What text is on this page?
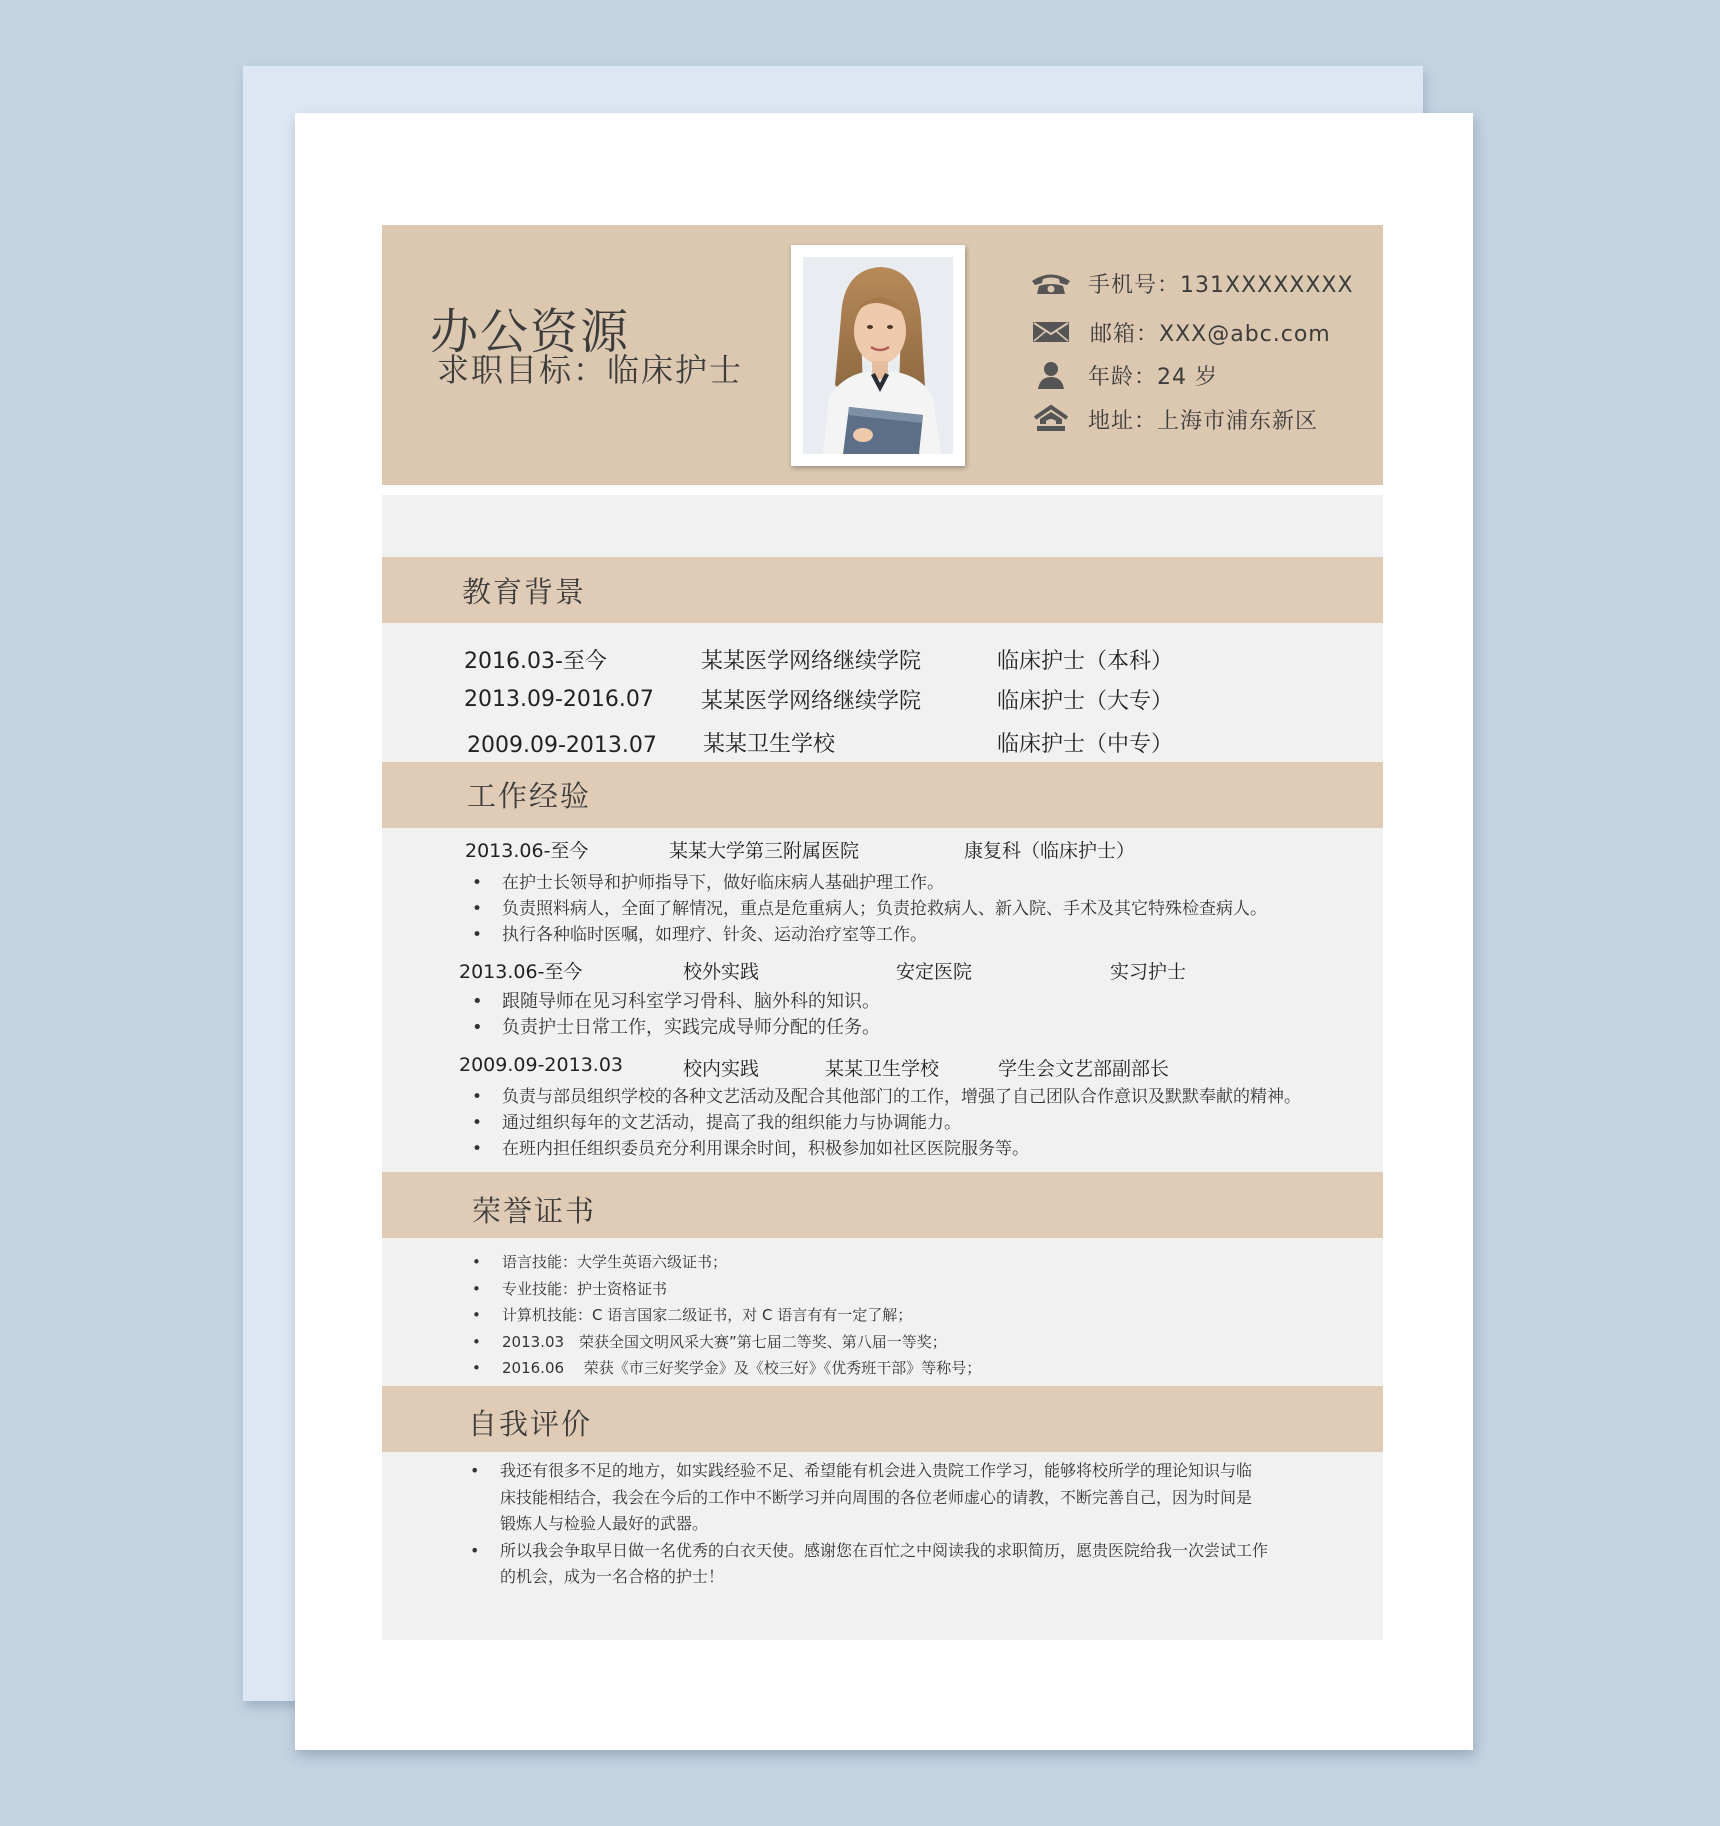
办公资源
求职目标：临床护士
手机号：131XXXXXXXX
邮箱：XXX@abc.com
年龄：24 岁
地址：上海市浦东新区
教育背景
2016.03-至今	某某医学网络继续学院	临床护士（本科）
2013.09-2016.07 某某医学网络继续学院	临床护士（大专）
2009.09-2013.07 某某卫生学校	临床护士（中专）
工作经验
2013.06-至今	某某大学第三附属医院	康复科（临床护士）
• 在护士长领导和护师指导下，做好临床病人基础护理工作。
• 负责照料病人，全面了解情况，重点是危重病人；负责抢救病人、新入院、手术及其它特殊检查病人。
• 执行各种临时医嘱，如理疗、针灸、运动治疗室等工作。
2013.06-至今	校外实践	安定医院	实习护士
• 跟随导师在见习科室学习骨科、脑外科的知识。
• 负责护士日常工作，实践完成导师分配的任务。
2009.09-2013.03	校内实践	某某卫生学校	学生会文艺部副部长
• 负责与部员组织学校的各种文艺活动及配合其他部门的工作，增强了自己团队合作意识及默默奉献的精神。
• 通过组织每年的文艺活动，提高了我的组织能力与协调能力。
• 在班内担任组织委员充分利用课余时间，积极参加如社区医院服务等。
荣誉证书
• 语言技能：大学生英语六级证书；
• 专业技能：护士资格证书
• 计算机技能：C 语言国家二级证书，对 C 语言有有一定了解；
• 2013.03　荣获全国文明风采大赛”第七届二等奖、第八届一等奖；
• 2016.06　 荣获《市三好奖学金》及《校三好》《优秀班干部》等称号；
自我评价
• 我还有很多不足的地方，如实践经验不足、希望能有机会进入贵院工作学习，能够将校所学的理论知识与临
床技能相结合，我会在今后的工作中不断学习并向周围的各位老师虚心的请教，不断完善自己，因为时间是
锻炼人与检验人最好的武器。
• 所以我会争取早日做一名优秀的白衣天使。感谢您在百忙之中阅读我的求职简历，愿贵医院给我一次尝试工作
的机会，成为一名合格的护士！
